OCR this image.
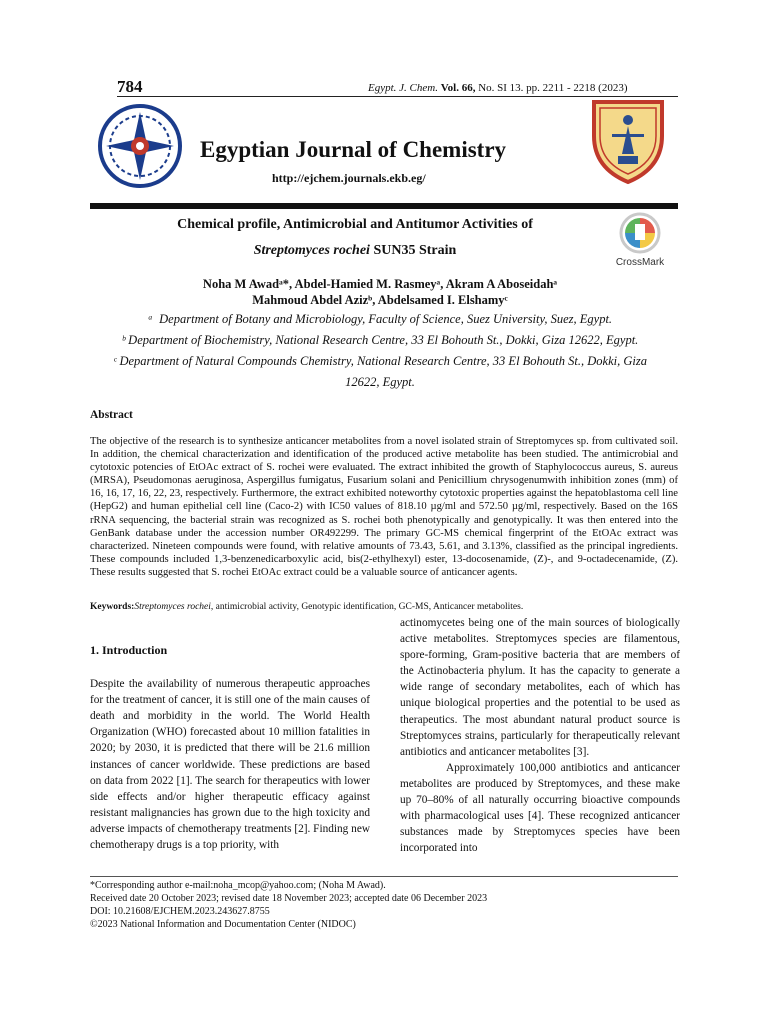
784	Egypt. J. Chem. Vol. 66, No. SI 13. pp. 2211 - 2218 (2023)
Egyptian Journal of Chemistry
http://ejchem.journals.ekb.eg/
Chemical profile, Antimicrobial and Antitumor Activities of
Streptomyces rochei SUN35 Strain
CrossMark
Noha M Awadᵃ*, Abdel-Hamied M. Rasmeyᵃ, Akram A Aboseidahᵃ
Mahmoud Abdel Azizᵇ, Abdelsamed I. Elshamyᶜ
ᵃ  Department of Botany and Microbiology, Faculty of Science, Suez University, Suez, Egypt.
ᵇ Department of Biochemistry, National Research Centre, 33 El Bohouth St., Dokki, Giza 12622, Egypt.
ᶜ Department of Natural Compounds Chemistry, National Research Centre, 33 El Bohouth St., Dokki, Giza
12622, Egypt.
Abstract

The objective of the research is to synthesize anticancer metabolites from a novel isolated strain of Streptomyces sp. from cultivated soil. In addition, the chemical characterization and identification of the produced active metabolite has been studied. The antimicrobial and cytotoxic potencies of EtOAc extract of S. rochei were evaluated. The extract inhibited the growth of Staphylococcus aureus, S. aureus (MRSA), Pseudomonas aeruginosa, Aspergillus fumigatus, Fusarium solani and Penicillium chrysogenumwith inhibition zones (mm) of 16, 16, 17, 16, 22, 23, respectively. Furthermore, the extract exhibited noteworthy cytotoxic properties against the hepatoblastoma cell line (HepG2) and human epithelial cell line (Caco-2) with IC50 values of 818.10 µg/ml and 572.50 µg/ml, respectively. Based on the 16S rRNA sequencing, the bacterial strain was recognized as S. rochei both phenotypically and genotypically. It was then entered into the GenBank database under the accession number OR492299. The primary GC-MS chemical fingerprint of the EtOAc extract was characterized. Nineteen compounds were found, with relative amounts of 73.43, 5.61, and 3.13%, classified as the principal ingredients. These compounds included 1,3-benzenedicarboxylic acid, bis(2-ethylhexyl) ester, 13-docosenamide, (Z)-, and 9-octadecenamide, (Z). These results suggested that S. rochei EtOAc extract could be a valuable source of anticancer agents.

Keywords:Streptomyces rochei, antimicrobial activity, Genotypic identification, GC-MS, Anticancer metabolites.
1. Introduction

Despite the availability of numerous therapeutic approaches for the treatment of cancer, it is still one of the main causes of death and morbidity in the world. The World Health Organization (WHO) forecasted about 10 million fatalities in 2020; by 2030, it is predicted that there will be 21.6 million instances of cancer worldwide. These predictions are based on data from 2022 [1]. The search for therapeutics with lower side effects and/or higher therapeutic efficacy against resistant malignancies has grown due to the high toxicity and adverse impacts of chemotherapy treatments [2]. Finding new chemotherapy drugs is a top priority, with

actinomycetes being one of the main sources of biologically active metabolites. Streptomyces species are filamentous, spore-forming, Gram-positive bacteria that are members of the Actinobacteria phylum. It has the capacity to generate a wide range of secondary metabolites, each of which has unique biological properties and the potential to be used as therapeutics. The most abundant natural product source is Streptomyces strains, particularly for therapeutically relevant antibiotics and anticancer metabolites [3].

Approximately 100,000 antibiotics and anticancer metabolites are produced by Streptomyces, and these make up 70–80% of all naturally occurring bioactive compounds with pharmacological uses [4]. These recognized anticancer substances made by Streptomyces species have been incorporated into

*Corresponding author e-mail:noha_mcop@yahoo.com; (Noha M Awad).
Received date 20 October 2023; revised date 18 November 2023; accepted date 06 December 2023
DOI: 10.21608/EJCHEM.2023.243627.8755
©2023 National Information and Documentation Center (NIDOC)
